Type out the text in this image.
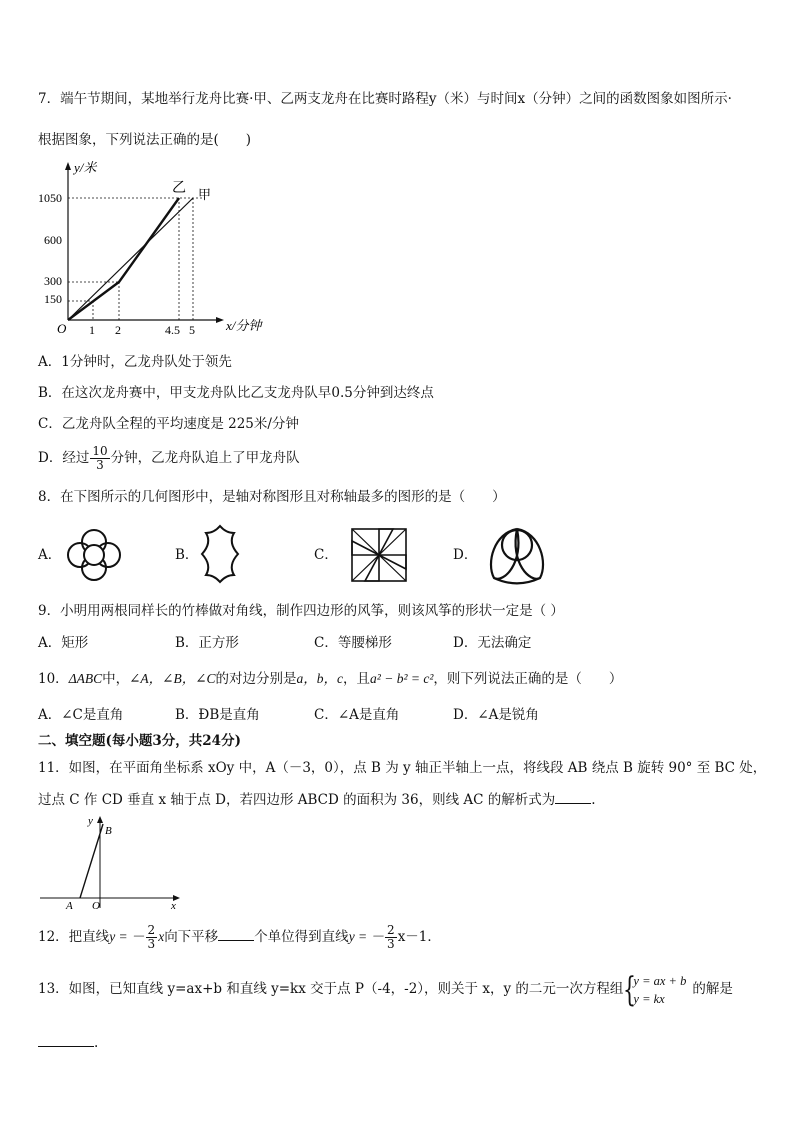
7．端午节期间，某地举行龙舟比赛·甲、乙两支龙舟在比赛时路程y（米）与时间x（分钟）之间的函数图象如图所示·
根据图象，下列说法正确的是(　　)
y/米
x/分钟
O
1050
600
300
150
1 2	4.5 5
乙 甲
A．1分钟时，乙龙舟队处于领先
B．在这次龙舟赛中，甲支龙舟队比乙支龙舟队早0.5分钟到达终点
C．乙龙舟队全程的平均速度是 225米/分钟
D．经过 $\frac{10}{3}$ 分钟，乙龙舟队追上了甲龙舟队
8．在下图所示的几何图形中，是轴对称图形且对称轴最多的图形的是（　　）
A．	B．	C．	D．
9．小明用两根同样长的竹棒做对角线，制作四边形的风筝，则该风筝的形状一定是（ ）
A．矩形	B．正方形	C．等腰梯形	D．无法确定
10．ΔABC中，∠A，∠B，∠C的对边分别是a，b，c，且a² − b² = c²，则下列说法正确的是（　　）
A．∠C是直角	B．ÐB是直角	C．∠A是直角	D．∠A是锐角
二、填空题(每小题3分，共24分)
11．如图，在平面角坐标系 xOy 中，A（－3，0），点 B 为 y 轴正半轴上一点，将线段 AB 绕点 B 旋转 90° 至 BC 处，
过点 C 作 CD 垂直 x 轴于点 D，若四边形 ABCD 的面积为 36，则线 AC 的解析式为	.
y
B
A O	x
12．把直线y = － $\frac{2}{3}$ x向下平移	个单位得到直线y = － $\frac{2}{3} x-1$．
13．如图，已知直线 y=ax+b 和直线 y=kx 交于点 P（-4，-2），则关于 x，y 的二元一次方程组 {
y = ax + b
y = kx
的解是
.
